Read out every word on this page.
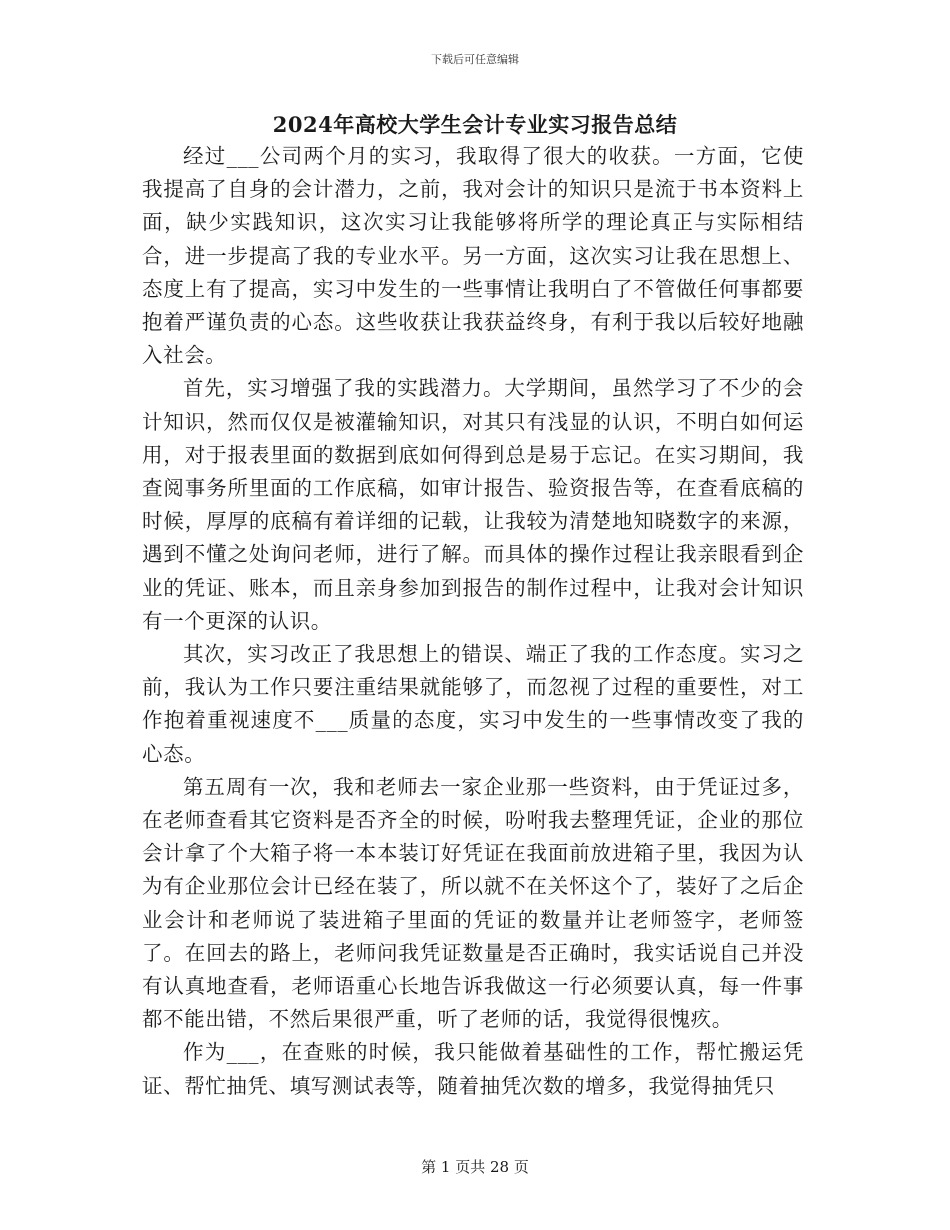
下载后可任意编辑
2024年高校大学生会计专业实习报告总结

经过___公司两个月的实习，我取得了很大的收获。一方面，它使我提高了自身的会计潜力，之前，我对会计的知识只是流于书本资料上面，缺少实践知识，这次实习让我能够将所学的理论真正与实际相结合，进一步提高了我的专业水平。另一方面，这次实习让我在思想上、态度上有了提高，实习中发生的一些事情让我明白了不管做任何事都要抱着严谨负责的心态。这些收获让我获益终身，有利于我以后较好地融入社会。

首先，实习增强了我的实践潜力。大学期间，虽然学习了不少的会计知识，然而仅仅是被灌输知识，对其只有浅显的认识，不明白如何运用，对于报表里面的数据到底如何得到总是易于忘记。在实习期间，我查阅事务所里面的工作底稿，如审计报告、验资报告等，在查看底稿的时候，厚厚的底稿有着详细的记载，让我较为清楚地知晓数字的来源，遇到不懂之处询问老师，进行了解。而具体的操作过程让我亲眼看到企业的凭证、账本，而且亲身参加到报告的制作过程中，让我对会计知识有一个更深的认识。

其次，实习改正了我思想上的错误、端正了我的工作态度。实习之前，我认为工作只要注重结果就能够了，而忽视了过程的重要性，对工作抱着重视速度不___质量的态度，实习中发生的一些事情改变了我的心态。

第五周有一次，我和老师去一家企业那一些资料，由于凭证过多，在老师查看其它资料是否齐全的时候，吩咐我去整理凭证，企业的那位会计拿了个大箱子将一本本装订好凭证在我面前放进箱子里，我因为认为有企业那位会计已经在装了，所以就不在关怀这个了，装好了之后企业会计和老师说了装进箱子里面的凭证的数量并让老师签字，老师签了。在回去的路上，老师问我凭证数量是否正确时，我实话说自己并没有认真地查看，老师语重心长地告诉我做这一行必须要认真，每一件事都不能出错，不然后果很严重，听了老师的话，我觉得很愧疚。

作为___，在查账的时候，我只能做着基础性的工作，帮忙搬运凭证、帮忙抽凭、填写测试表等，随着抽凭次数的增多，我觉得抽凭只

第 1 页共 28 页
